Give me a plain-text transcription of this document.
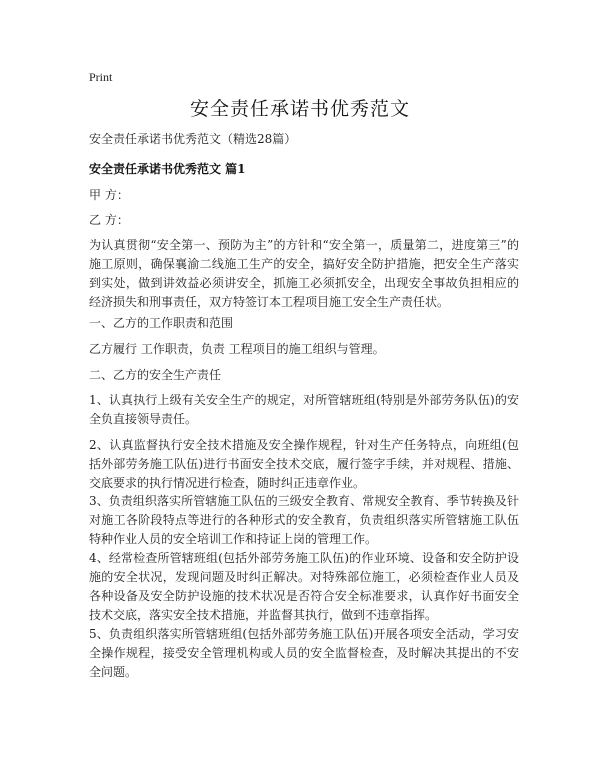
Print
安全责任承诺书优秀范文

安全责任承诺书优秀范文（精选28篇）

安全责任承诺书优秀范文 篇1

甲 方：

乙 方：

为认真贯彻“安全第一、预防为主”的方针和“安全第一，质量第二，进度第三”的施工原则，确保襄渝二线施工生产的安全，搞好安全防护措施，把安全生产落实到实处，做到讲效益必须讲安全，抓施工必须抓安全，出现安全事故负担相应的经济损失和刑事责任，双方特签订本工程项目施工安全生产责任状。

一、乙方的工作职责和范围

乙方履行 工作职责，负责 工程项目的施工组织与管理。

二、乙方的安全生产责任

1、认真执行上级有关安全生产的规定，对所管辖班组(特别是外部劳务队伍)的安全负直接领导责任。

2、认真监督执行安全技术措施及安全操作规程，针对生产任务特点，向班组(包括外部劳务施工队伍)进行书面安全技术交底，履行签字手续，并对规程、措施、交底要求的执行情况进行检查，随时纠正违章作业。

3、负责组织落实所管辖施工队伍的三级安全教育、常规安全教育、季节转换及针对施工各阶段特点等进行的各种形式的安全教育，负责组织落实所管辖施工队伍特种作业人员的安全培训工作和持证上岗的管理工作。

4、经常检查所管辖班组(包括外部劳务施工队伍)的作业环境、设备和安全防护设施的安全状况，发现问题及时纠正解决。对特殊部位施工，必须检查作业人员及各种设备及安全防护设施的技术状况是否符合安全标准要求，认真作好书面安全技术交底，落实安全技术措施，并监督其执行，做到不违章指挥。

5、负责组织落实所管辖班组(包括外部劳务施工队伍)开展各项安全活动，学习安全操作规程，接受安全管理机构或人员的安全监督检查，及时解决其提出的不安全问题。
